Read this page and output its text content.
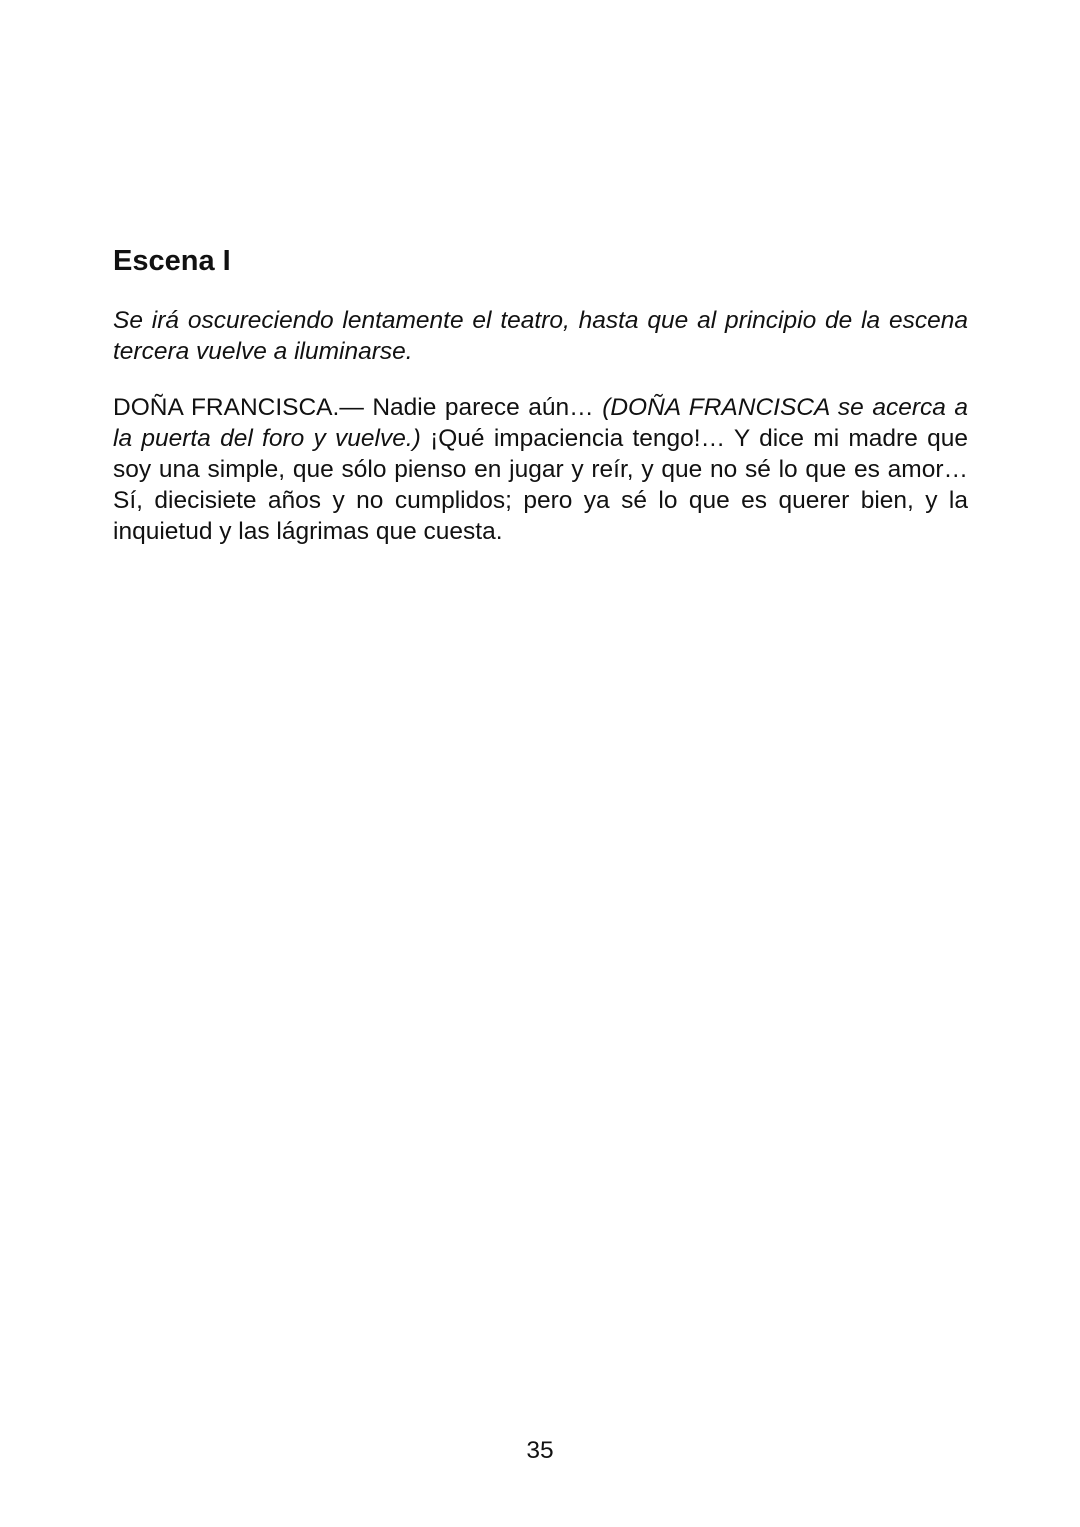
Escena I

Se irá oscureciendo lentamente el teatro, hasta que al principio de la escena tercera vuelve a iluminarse.

DOÑA FRANCISCA.— Nadie parece aún… (DOÑA FRANCISCA se acerca a la puerta del foro y vuelve.) ¡Qué impaciencia tengo!… Y dice mi madre que soy una simple, que sólo pienso en jugar y reír, y que no sé lo que es amor… Sí, diecisiete años y no cumplidos; pero ya sé lo que es querer bien, y la inquietud y las lágrimas que cuesta.

35
